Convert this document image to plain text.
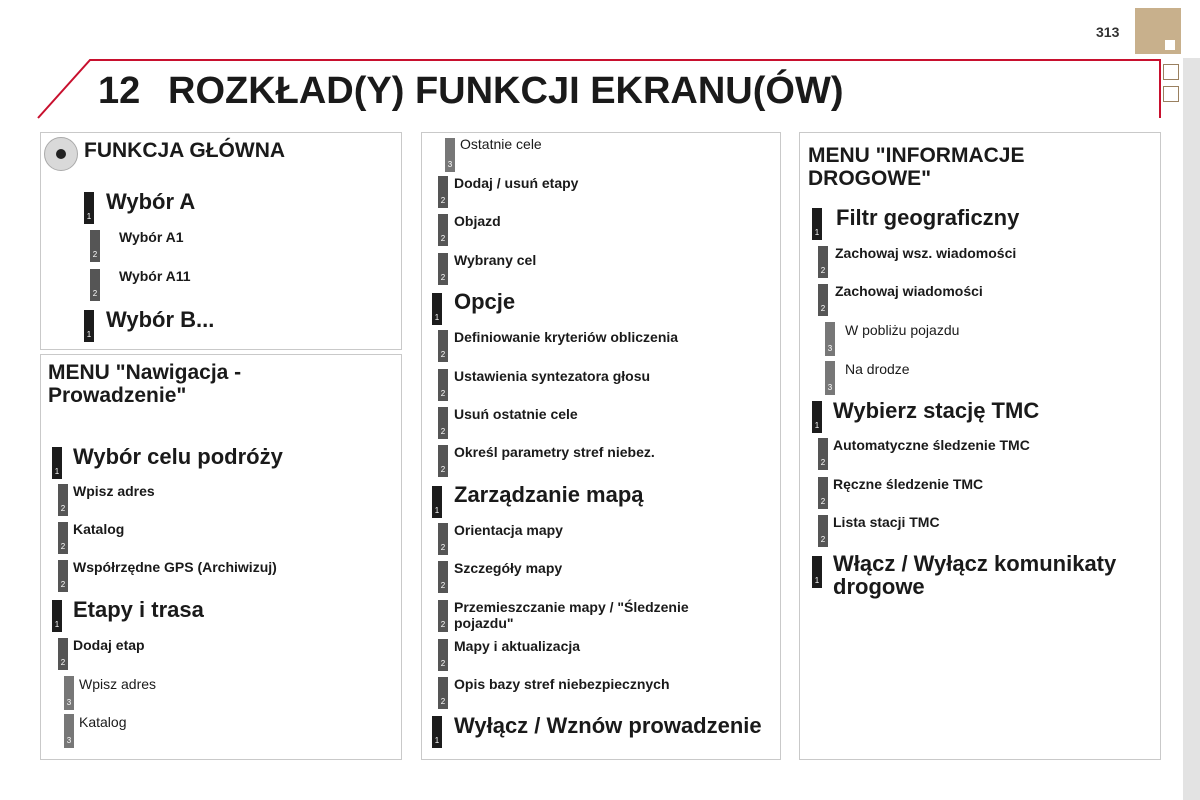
313
12 ROZKŁAD(Y) FUNKCJI EKRANU(ÓW)
FUNKCJA GŁÓWNA
1
Wybór A
2
Wybór A1
2
Wybór A11
1
Wybór B...
MENU "Nawigacja -
Prowadzenie"
1
Wybór celu podróży
2
Wpisz adres
2
Katalog
2
Współrzędne GPS (Archiwizuj)
1
Etapy i trasa
2
Dodaj etap
3
Wpisz adres
3
Katalog
3
Ostatnie cele
2
Dodaj / usuń etapy
2
Objazd
2
Wybrany cel
1
Opcje
2
Definiowanie kryteriów obliczenia
2
Ustawienia syntezatora głosu
2
Usuń ostatnie cele
2
Określ parametry stref niebez.
1
Zarządzanie mapą
2
Orientacja mapy
2
Szczegóły mapy
2
Przemieszczanie mapy / "Śledzenie
pojazdu"
2
Mapy i aktualizacja
2
Opis bazy stref niebezpiecznych
1
Wyłącz / Wznów prowadzenie
MENU "INFORMACJE
DROGOWE"
1
Filtr geograficzny
2
Zachowaj wsz. wiadomości
2
Zachowaj wiadomości
3
W pobliżu pojazdu
3
Na drodze
1
Wybierz stację TMC
2
Automatyczne śledzenie TMC
2
Ręczne śledzenie TMC
2
Lista stacji TMC
1
Włącz / Wyłącz komunikaty
drogowe
